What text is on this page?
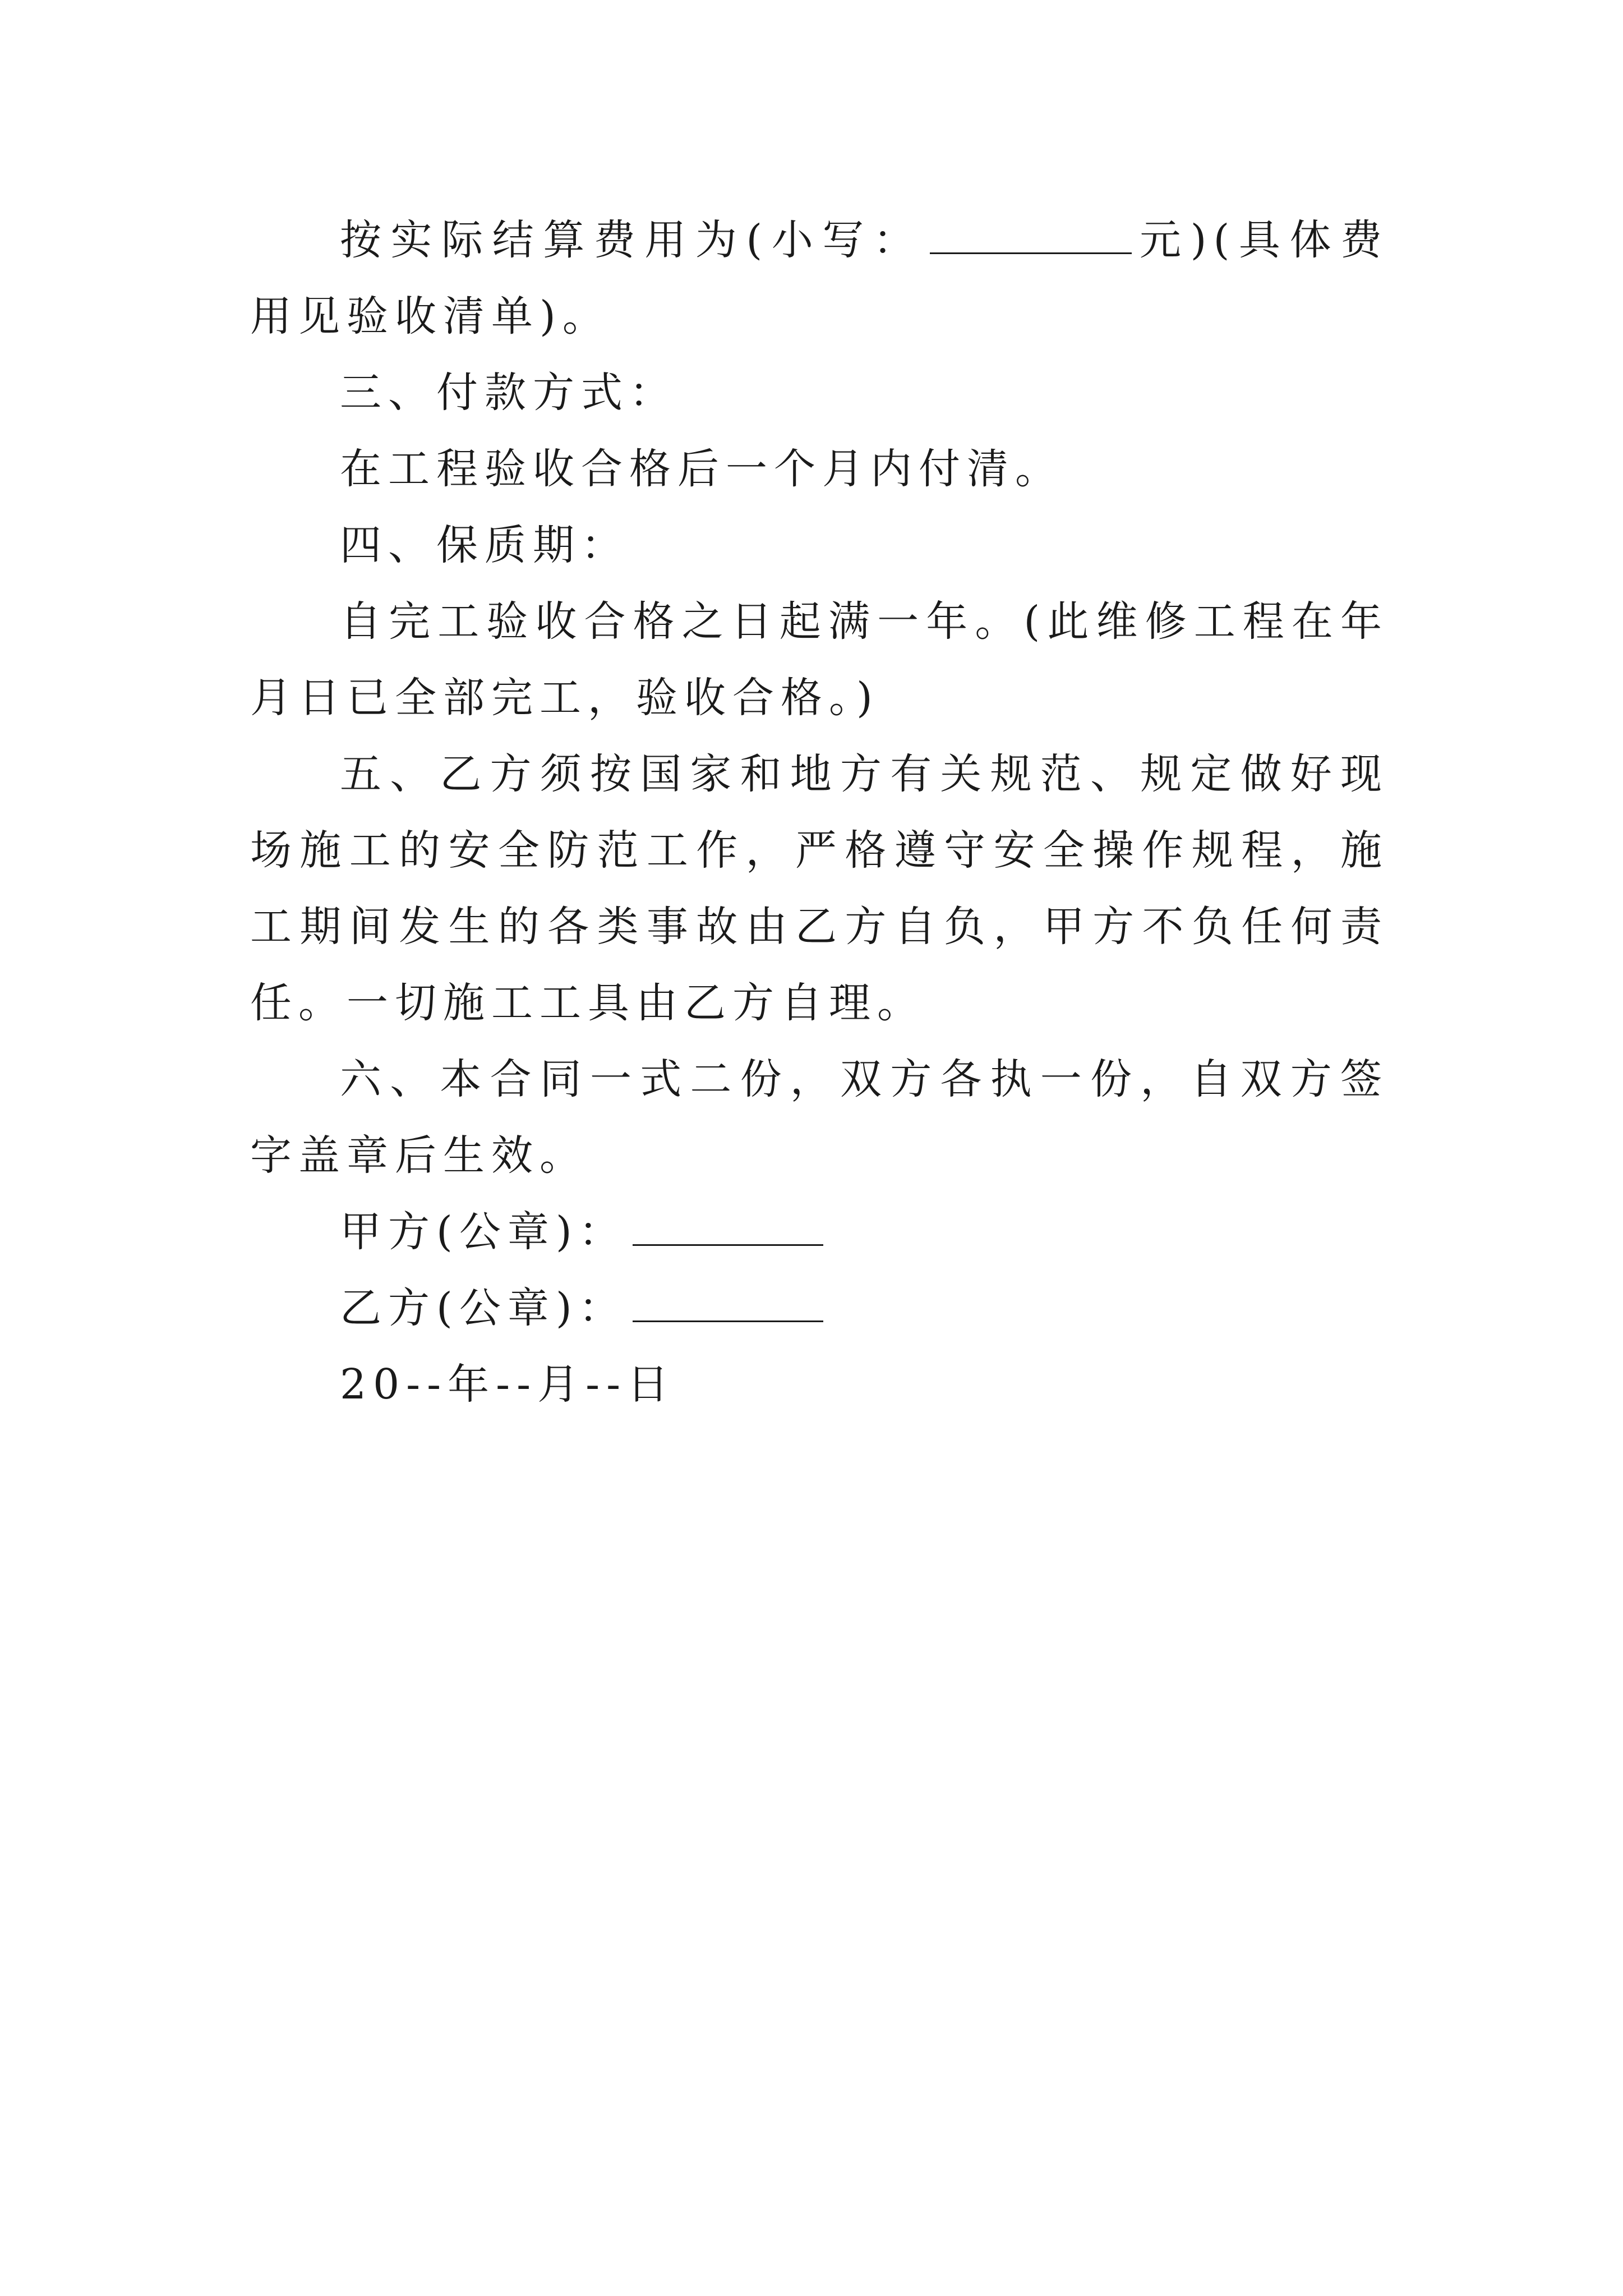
按实际结算费用为(小写：	元)(具体费用见验收清单)。

三、付款方式：

在工程验收合格后一个月内付清。

四、保质期：

自完工验收合格之日起满一年。(此维修工程在年月日已全部完工，验收合格。)

五、乙方须按国家和地方有关规范、规定做好现场施工的安全防范工作，严格遵守安全操作规程，施工期间发生的各类事故由乙方自负，甲方不负任何责任。一切施工工具由乙方自理。

六、本合同一式二份，双方各执一份，自双方签字盖章后生效。

甲方(公章)：

乙方(公章)：

20--年--月--日
